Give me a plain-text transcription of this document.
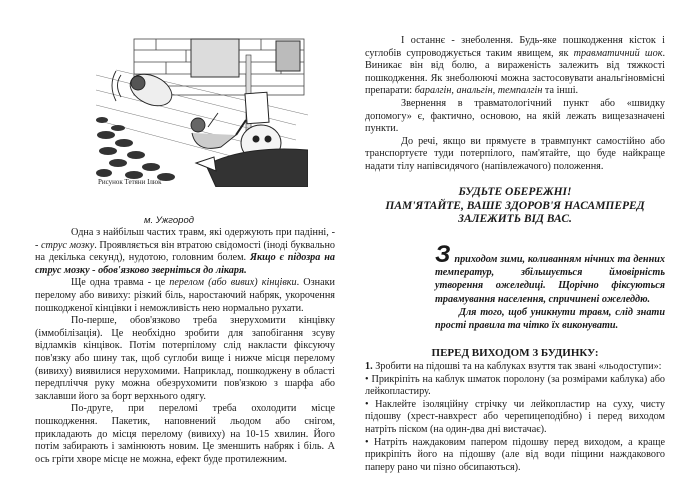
Рисунок Тетяни Ілюк
м. Ужгород

Одна з найбільш частих травм, які одержують при падінні, -- струс мозку. Проявляється він втратою свідомості (іноді буквально на декілька секунд), нудотою, головним болем. Якщо є підозра на струс мозку - обов'язково зверніться до лікаря.

Ще одна травма - це перелом (або вивих) кінцівки. Ознаки перелому або вивиху: різкий біль, наростаючий набряк, укорочення пошкодженої кінцівки і неможливість нею нормально рухати.

По-перше, обов'язково треба знерухомити кінцівку (іммобілізація). Це необхідно зробити для запобігання зсуву відламків кінцівок. Потім потерпілому слід накласти фіксуючу пов'язку або шину так, щоб суглоби вище і нижче місця перелому (вивиху) виявилися нерухомими. Наприклад, пошкоджену в області передпліччя руку можна обезрухомити пов'язкою з шарфа або заклавши його за борт верхнього одягу.

По-друге, при переломі треба охолодити місце пошкодження. Пакетик, наповнений льодом або снігом, прикладають до місця перелому (вивиху) на 10-15 хвилин. Його потім забирають і замінюють новим. Це зменшить набряк і біль. А ось гріти хворе місце не можна, ефект буде протилежним.

І останнє - знеболення. Будь-яке пошкодження кісток і суглобів супроводжується таким явищем, як травматичний шок. Виникає він від болю, а вираженість залежить від тяжкості пошкодження. Як знеболюючі можна застосовувати анальгіновмісні препарати: баралгін, анальгін, темпалгін та інші.

Звернення в травматологічний пункт або «швидку допомогу» є, фактично, основою, на якій лежать вищезазначені пункти.

До речі, якщо ви прямуєте в травмпункт самостійно або транспортуєте туди потерпілого, пам'ятайте, що буде найкраще надати тілу напівсидячого (напівлежачого) положення.

БУДЬТЕ ОБЕРЕЖНІ!
ПАМ'ЯТАЙТЕ, ВАШЕ ЗДОРОВ'Я НАСАМПЕРЕД
ЗАЛЕЖИТЬ ВІД ВАС.

Зприходом зими, коливанням нічних та денних температур, збільшується ймовірність утворення ожеледиці. Щорічно фіксуються травмування населення, спричинені ожеледдю.

Для того, щоб уникнути травм, слід знати прості правила та чітко їх виконувати.

ПЕРЕД ВИХОДОМ З БУДИНКУ:

1. Зробити на підошві та на каблуках взуття так звані «льодоступи»:

• Прикріпіть на каблук шматок поролону (за розмірами каблука) або лейкопластиру.

• Наклейте ізоляційну стрічку чи лейкопластир на суху, чисту підошву (хрест-навхрест або черепицеподібно) і перед виходом натріть піском (на один-два дні вистачає).

• Натріть наждаковим папером підошву перед виходом, а краще прикріпіть його на підошву (але від води піщини наждакового паперу рано чи пізно обсипаються).
